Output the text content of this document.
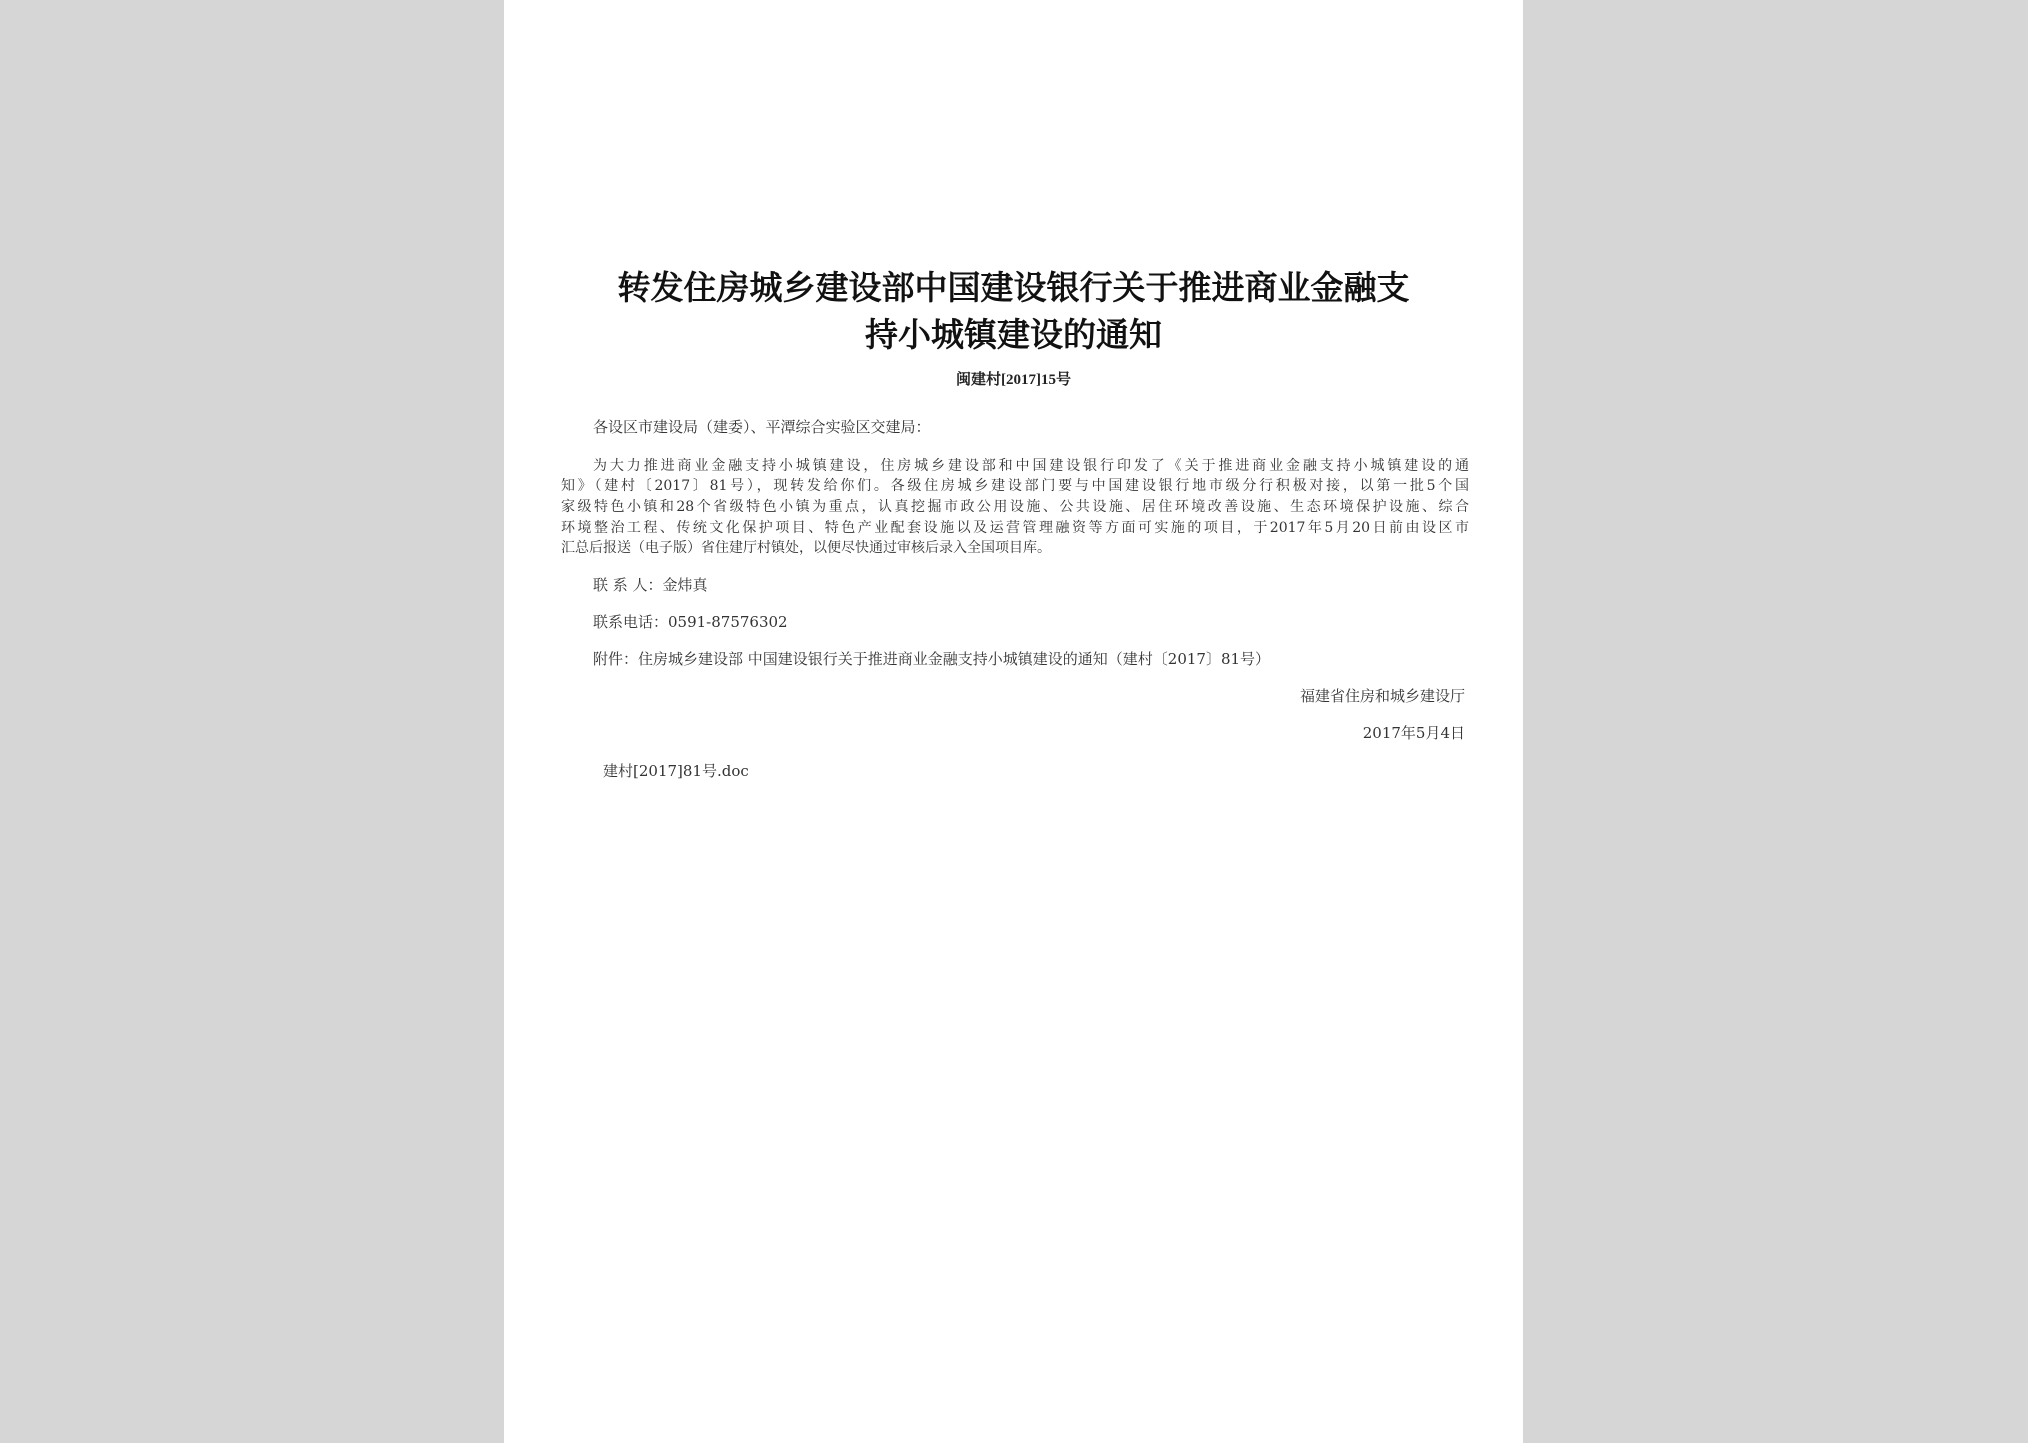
转发住房城乡建设部中国建设银行关于推进商业金融支
持小城镇建设的通知
闽建村[2017]15号
各设区市建设局（建委）、平潭综合实验区交建局：
为大力推进商业金融支持小城镇建设，住房城乡建设部和中国建设银行印发了《关于推进商业金融支持小城镇建设的通
知》（建村〔2017〕81号），现转发给你们。各级住房城乡建设部门要与中国建设银行地市级分行积极对接，以第一批5个国
家级特色小镇和28个省级特色小镇为重点，认真挖掘市政公用设施、公共设施、居住环境改善设施、生态环境保护设施、综合
环境整治工程、传统文化保护项目、特色产业配套设施以及运营管理融资等方面可实施的项目，于2017年5月20日前由设区市
汇总后报送（电子版）省住建厅村镇处，以便尽快通过审核后录入全国项目库。
联 系 人：金炜真
联系电话：0591-87576302
附件：住房城乡建设部 中国建设银行关于推进商业金融支持小城镇建设的通知（建村〔2017〕81号）
福建省住房和城乡建设厅
2017年5月4日
建村[2017]81号.doc
